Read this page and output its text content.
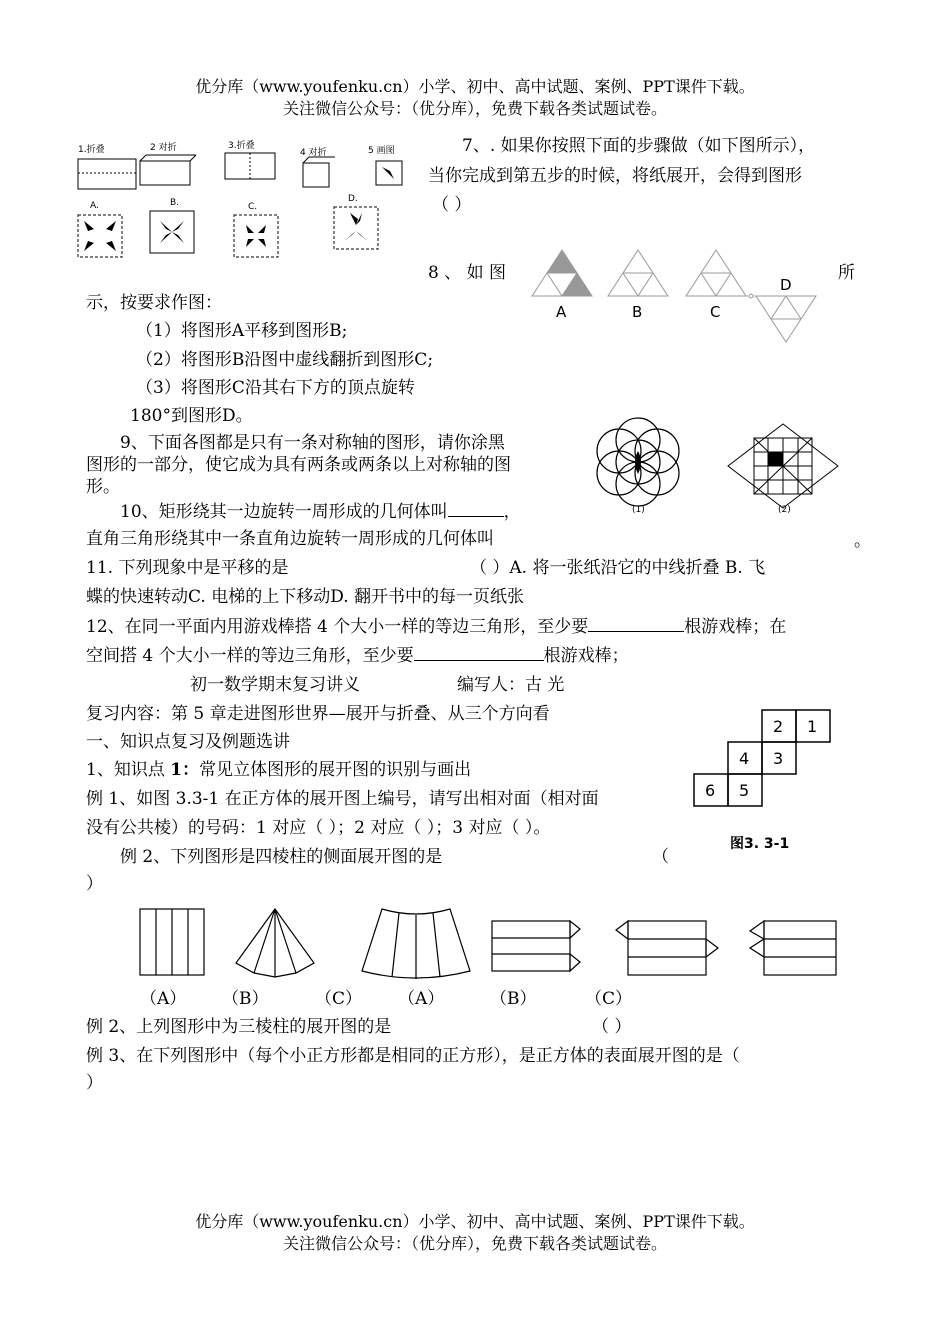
优分库（www.youfenku.cn）小学、初中、高中试题、案例、PPT课件下载。
关注微信公众号：（优分库），免费下载各类试题试卷。
1.折叠	2 对折	3.折叠
4 对折	5 画图
A.	B.	C.
D.
7、. 如果你按照下面的步骤做（如下图所示），
当你完成到第五步的时候，将纸展开，会得到图形
（ ）
8 、 如 图	所
A	B	C
D
示，按要求作图：
（1）将图形A平移到图形B;
（2）将图形B沿图中虚线翻折到图形C;
（3）将图形C沿其右下方的顶点旋转
180°到图形D。
9、下面各图都是只有一条对称轴的图形，请你涂黑
图形的一部分，使它成为具有两条或两条以上对称轴的图
形。
(1)	(2)
10、矩形绕其一边旋转一周形成的几何体叫	，
直角三角形绕其中一条直角边旋转一周形成的几何体叫	。
11. 下列现象中是平移的是	（ ）A. 将一张纸沿它的中线折叠 B. 飞
蝶的快速转动C. 电梯的上下移动D. 翻开书中的每一页纸张
12、在同一平面内用游戏棒搭 4 个大小一样的等边三角形，至少要	根游戏棒；在
空间搭 4 个大小一样的等边三角形，至少要	根游戏棒；
初一数学期末复习讲义	编写人：古 光
复习内容：第 5 章走进图形世界—展开与折叠、从三个方向看
一、知识点复习及例题选讲
1、知识点 1：常见立体图形的展开图的识别与画出
例 1、如图 3.3-1 在正方体的展开图上编号，请写出相对面（相对面
没有公共棱）的号码：1 对应（ ）；2 对应（ ）；3 对应（ ）。
2 1
4 3
6 5
图3. 3-1
例 2、下列图形是四棱柱的侧面展开图的是	（
）
（A） （B）	（C） （A）	（B）	（C）
例 2、上列图形中为三棱柱的展开图的是	（ ）
例 3、在下列图形中（每个小正方形都是相同的正方形），是正方体的表面展开图的是（
）
优分库（www.youfenku.cn）小学、初中、高中试题、案例、PPT课件下载。
关注微信公众号：（优分库），免费下载各类试题试卷。
